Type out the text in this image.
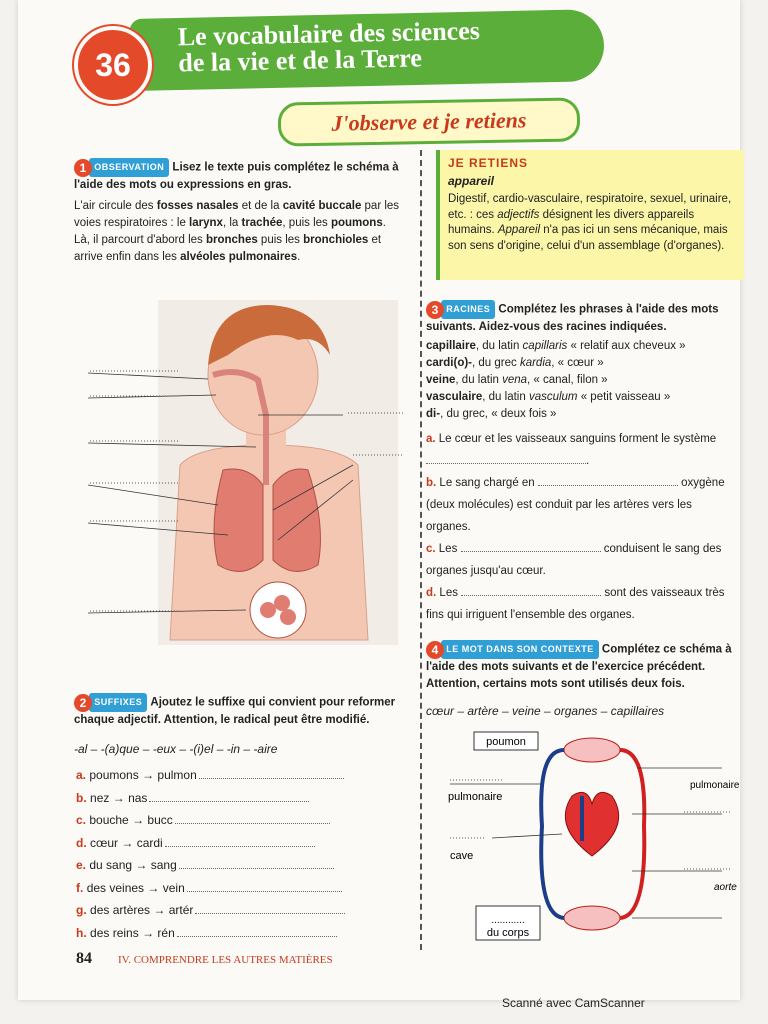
36
Le vocabulaire des sciences
de la vie et de la Terre
J'observe et je retiens
1 OBSERVATION Lisez le texte puis complétez le schéma à l'aide des mots ou expressions en gras.
L'air circule des fosses nasales et de la cavité buccale par les voies respiratoires : le larynx, la trachée, puis les poumons. Là, il parcourt d'abord les bronches puis les bronchioles et arrive enfin dans les alvéoles pulmonaires.
2 SUFFIXES Ajoutez le suffixe qui convient pour reformer chaque adjectif. Attention, le radical peut être modifié.
-al – -(a)que – -eux – -(i)el – -in – -aire
a. poumons → pulmon
b. nez → nas
c. bouche → bucc
d. cœur → cardi
e. du sang → sang
f. des veines → vein
g. des artères → artér
h. des reins → rén
JE RETIENS
appareil
Digestif, cardio-vasculaire, respiratoire, sexuel, urinaire, etc. : ces adjectifs désignent les divers appareils humains. Appareil n'a pas ici un sens mécanique, mais son sens d'origine, celui d'un assemblage (d'organes).
3 RACINES Complétez les phrases à l'aide des mots suivants. Aidez-vous des racines indiquées.
capillaire, du latin capillaris « relatif aux cheveux »
cardi(o)-, du grec kardia, « cœur »
veine, du latin vena, « canal, filon »
vasculaire, du latin vasculum « petit vaisseau »
di-, du grec, « deux fois »
a. Le cœur et les vaisseaux sanguins forment le système
.
b. Le sang chargé en	oxygène
(deux molécules) est conduit par les artères vers les organes.
c. Les	conduisent le sang des organes jusqu'au cœur.
d. Les	sont des vaisseaux très fins qui irriguent l'ensemble des organes.
4 LE MOT DANS SON CONTEXTE Complétez ce schéma à l'aide des mots suivants et de l'exercice précédent. Attention, certains mots sont utilisés deux fois.
cœur – artère – veine – organes – capillaires
poumon
pulmonaire
pulmonaire
cave
aorte
............
du corps
84 IV. COMPRENDRE LES AUTRES MATIÈRES
Scanné avec CamScanner
